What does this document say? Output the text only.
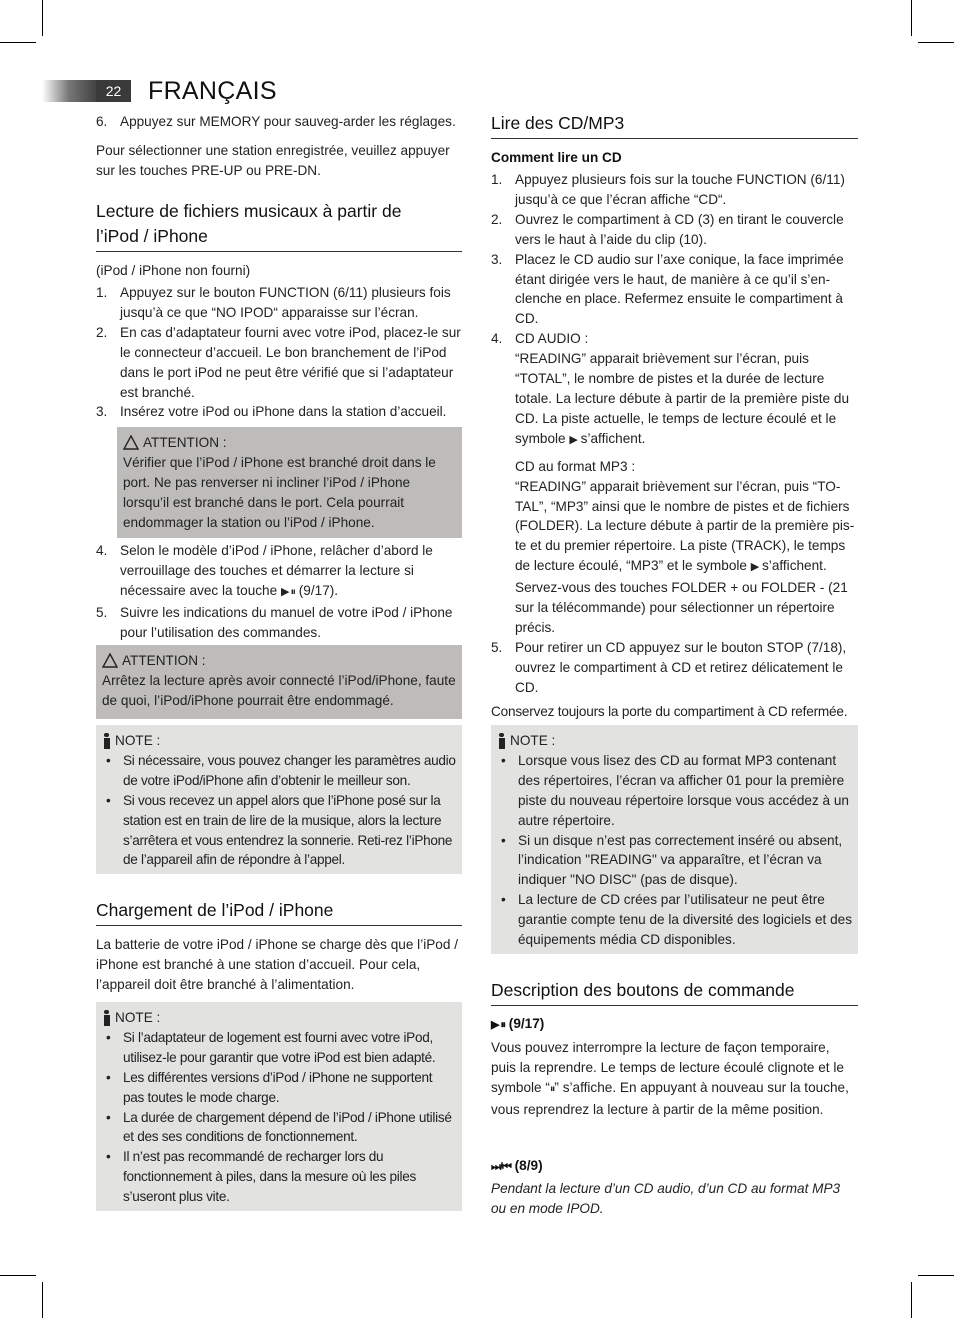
22	FRANÇAIS
6. Appuyez sur MEMORY pour sauveg-arder les réglages.

Pour sélectionner une station enregistrée, veuillez appuyer sur les touches PRE-UP ou PRE-DN.

Lecture de fichiers musicaux à partir de
l’iPod / iPhone

(iPod / iPhone non fourni)

1. Appuyez sur le bouton FUNCTION (6/11) plusieurs fois jusqu’à ce que “NO IPOD“ apparaisse sur l’écran.
2. En cas d’adaptateur fourni avec votre iPod, placez-le sur le connecteur d’accueil. Le bon branchement de l’iPod dans le port iPod ne peut être vérifié que si l’adaptateur est branché.
3. Insérez votre iPod ou iPhone dans la station d’accueil.
ATTENTION :
Vérifier que l’iPod / iPhone est branché droit dans le port. Ne pas renverser ni incliner l’iPod / iPhone lorsqu’il est branché dans le port. Cela pourrait endommager la station ou l’iPod / iPhone.
4. Selon le modèle d’iPod / iPhone, relâcher d’abord le verrouillage des touches et démarrer la lecture si nécessaire avec la touche ▶ ⏸ (9/17).
5. Suivre les indications du manuel de votre iPod / iPhone pour l’utilisation des commandes.
ATTENTION :
Arrêtez la lecture après avoir connecté l’iPod/iPhone, faute de quoi, l’iPod/iPhone pourrait être endommagé.
NOTE :
• Si nécessaire, vous pouvez changer les paramètres audio de votre iPod/iPhone afin d’obtenir le meilleur son.
• Si vous recevez un appel alors que l’iPhone posé sur la station est en train de lire de la musique, alors la lecture s’arrêtera et vous entendrez la sonnerie. Reti-rez l’iPhone de l’appareil afin de répondre à l’appel.
Chargement de l’iPod / iPhone

La batterie de votre iPod / iPhone se charge dès que l’iPod / iPhone est branché à une station d’accueil. Pour cela, l’appareil doit être branché à l’alimentation.

NOTE :
• Si l’adaptateur de logement est fourni avec votre iPod, utilisez-le pour garantir que votre iPod est bien adapté.
• Les différentes versions d’iPod / iPhone ne supportent pas toutes le mode charge.
• La durée de chargement dépend de l’iPod / iPhone utilisé et des ses conditions de fonctionnement.
• Il n’est pas recommandé de recharger lors du fonctionnement à piles, dans la mesure où les piles s’useront plus vite.
Lire des CD/MP3
Comment lire un CD
1. Appuyez plusieurs fois sur la touche FUNCTION (6/11) jusqu’à ce que l’écran affiche “CD“.
2. Ouvrez le compartiment à CD (3) en tirant le couvercle vers le haut à l’aide du clip (10).
3. Placez le CD audio sur l’axe conique, la face imprimée étant dirigée vers le haut, de manière à ce qu’il s’en-clenche en place. Refermez ensuite le compartiment à CD.
4. CD AUDIO :
“READING” apparait brièvement sur l’écran, puis “TOTAL”, le nombre de pistes et la durée de lecture totale. La lecture débute à partir de la première piste du CD. La piste actuelle, le temps de lecture écoulé et le symbole ▶ s’affichent.
CD au format MP3 :
“READING” apparait brièvement sur l’écran, puis “TO-TAL”, “MP3” ainsi que le nombre de pistes et de fichiers (FOLDER). La lecture débute à partir de la première pis-te et du premier répertoire. La piste (TRACK), le temps de lecture écoulé, “MP3” et le symbole ▶ s’affichent. Servez-vous des touches FOLDER + ou FOLDER - (21 sur la télécommande) pour sélectionner un répertoire précis.
5. Pour retirer un CD appuyez sur le bouton STOP (7/18), ouvrez le compartiment à CD et retirez délicatement le CD.

Conservez toujours la porte du compartiment à CD refermée.

NOTE :
• Lorsque vous lisez des CD au format MP3 contenant des répertoires, l’écran va afficher 01 pour la première piste du nouveau répertoire lorsque vous accédez à un autre répertoire.
• Si un disque n’est pas correctement inséré ou absent, l’indication "READING" va apparaître, et l’écran va indiquer "NO DISC" (pas de disque).
• La lecture de CD crées par l’utilisateur ne peut être garantie compte tenu de la diversité des logiciels et des équipements média CD disponibles.
Description des boutons de commande
▶ ⏸ (9/17)

Vous pouvez interrompre la lecture de façon temporaire, puis la reprendre. Le temps de lecture écoulé clignote et le symbole “⏸” s’affiche. En appuyant à nouveau sur la touche, vous reprendrez la lecture à partir de la même position.

⏭/⏮ (8/9)

Pendant la lecture d’un CD audio, d’un CD au format MP3 ou en mode IPOD.
